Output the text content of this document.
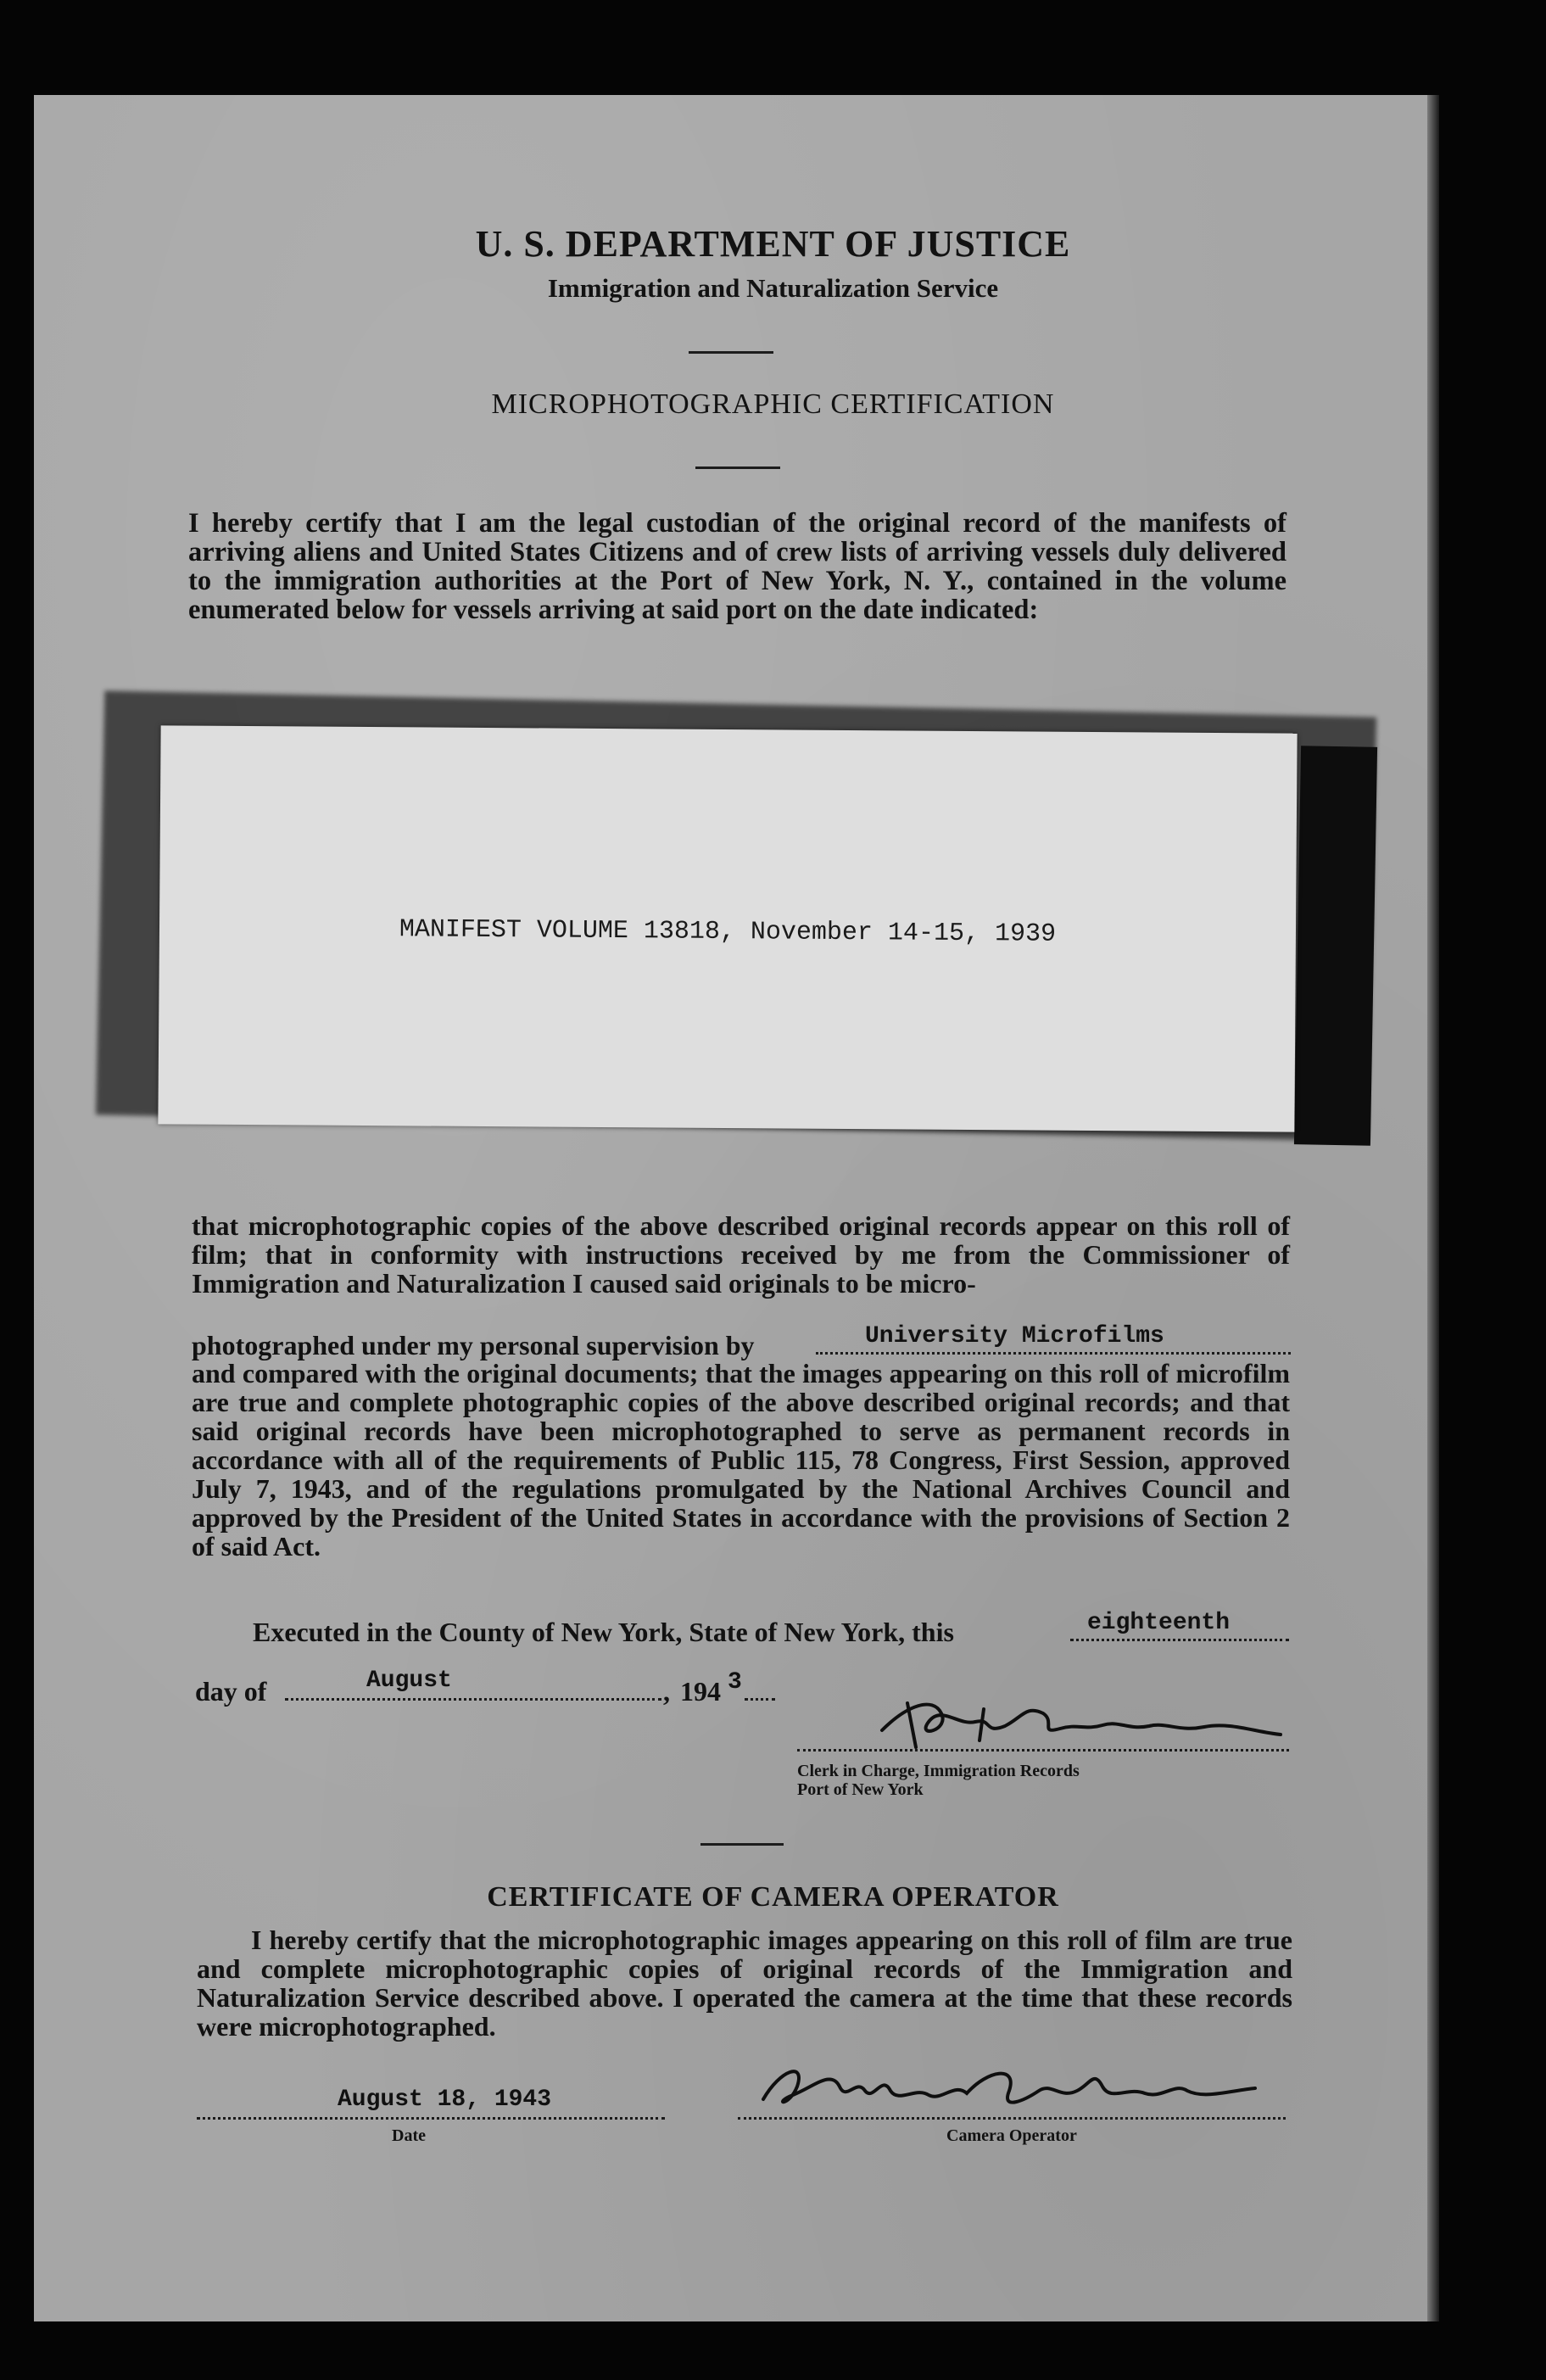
U. S. DEPARTMENT OF JUSTICE
Immigration and Naturalization Service
MICROPHOTOGRAPHIC CERTIFICATION

I hereby certify that I am the legal custodian of the original record of the manifests of arriving aliens and United States Citizens and of crew lists of arriving vessels duly delivered to the immigration authorities at the Port of New York, N. Y., contained in the volume enumerated below for vessels arriving at said port on the date indicated:

MANIFEST VOLUME 13818, November 14-15, 1939

that microphotographic copies of the above described original records appear on this roll of film; that in conformity with instructions received by me from the Commissioner of Immigration and Naturalization I caused said originals to be micro-

photographed under my personal supervision by	University Microfilms

and compared with the original documents; that the images appearing on this roll of microfilm are true and complete photographic copies of the above described original records; and that said original records have been microphotographed to serve as permanent records in accordance with all of the requirements of Public 115, 78 Congress, First Session, approved July 7, 1943, and of the regulations promulgated by the National Archives Council and approved by the President of the United States in accordance with the provisions of Section 2 of said Act.

Executed in the County of New York, State of New York, this	eighteenth
day of	August	, 194 3
Clerk in Charge, Immigration Records
Port of New York
CERTIFICATE OF CAMERA OPERATOR

I hereby certify that the microphotographic images appearing on this roll of film are true and complete microphotographic copies of original records of the Immigration and Naturalization Service described above. I operated the camera at the time that these records were microphotographed.

August 18, 1943
Date	Camera Operator
